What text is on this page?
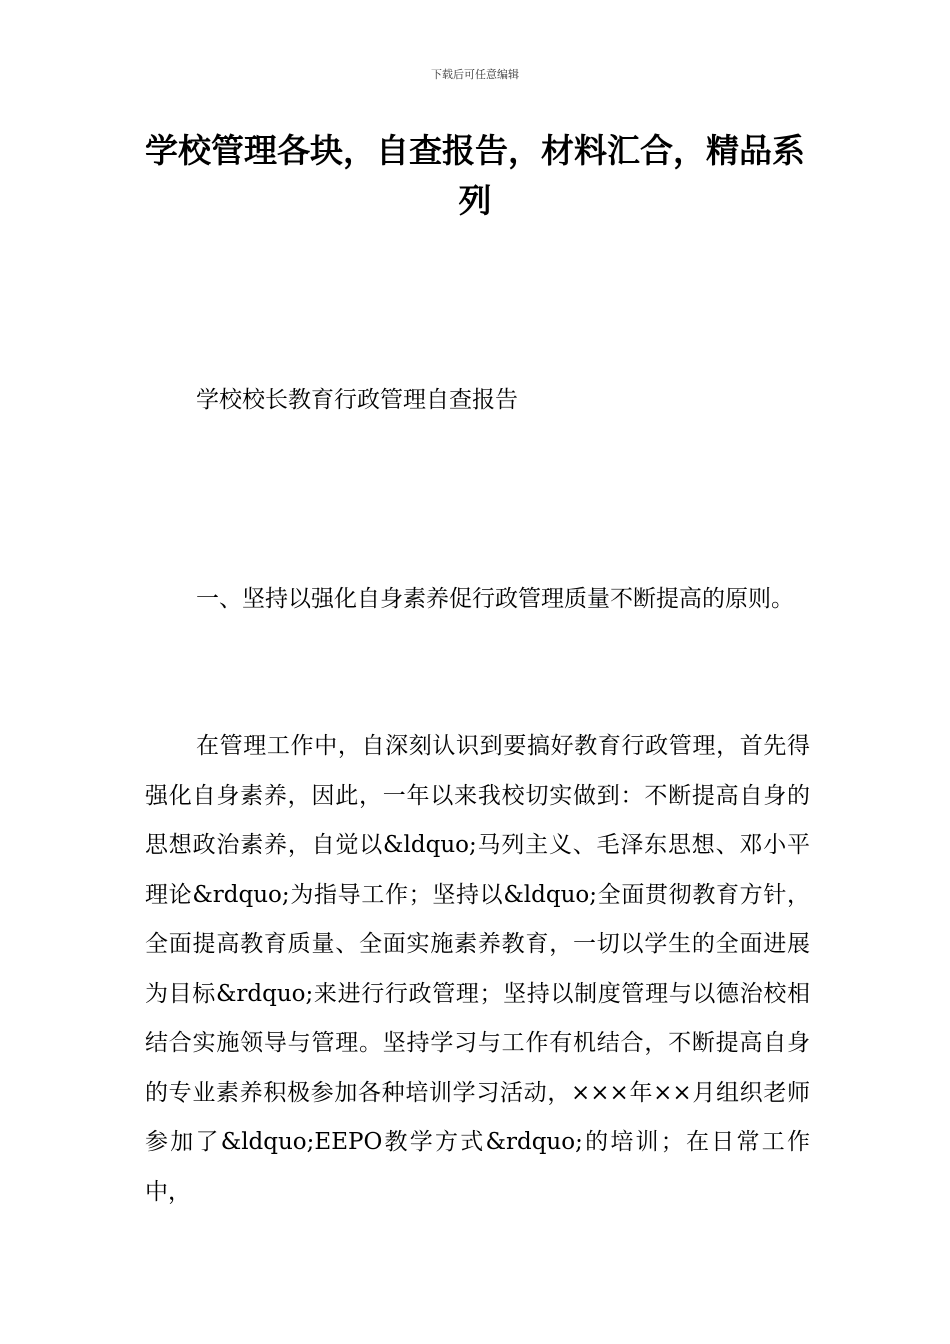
下载后可任意编辑
学校管理各块，自查报告，材料汇合，精品系列

学校校长教育行政管理自查报告

一、坚持以强化自身素养促行政管理质量不断提高的原则。

在管理工作中，自深刻认识到要搞好教育行政管理，首先得强化自身素养，因此，一年以来我校切实做到：不断提高自身的思想政治素养，自觉以&ldquo;马列主义、毛泽东思想、邓小平理论&rdquo;为指导工作；坚持以&ldquo;全面贯彻教育方针，全面提高教育质量、全面实施素养教育，一切以学生的全面进展为目标&rdquo;来进行行政管理；坚持以制度管理与以德治校相结合实施领导与管理。坚持学习与工作有机结合，不断提高自身的专业素养积极参加各种培训学习活动，×××年××月组织老师参加了&ldquo;EEPO教学方式&rdquo;的培训；在日常工作中，
